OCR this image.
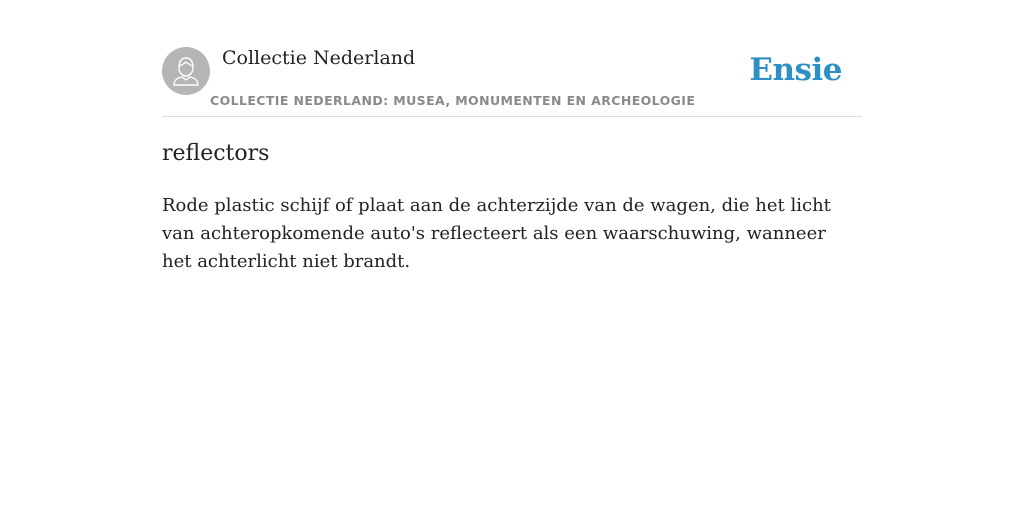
Collectie Nederland
COLLECTIE NEDERLAND: MUSEA, MONUMENTEN EN ARCHEOLOGIE
Ensie
reflectors

Rode plastic schijf of plaat aan de achterzijde van de wagen, die het licht van achteropkomende auto's reflecteert als een waarschuwing, wanneer het achterlicht niet brandt.
